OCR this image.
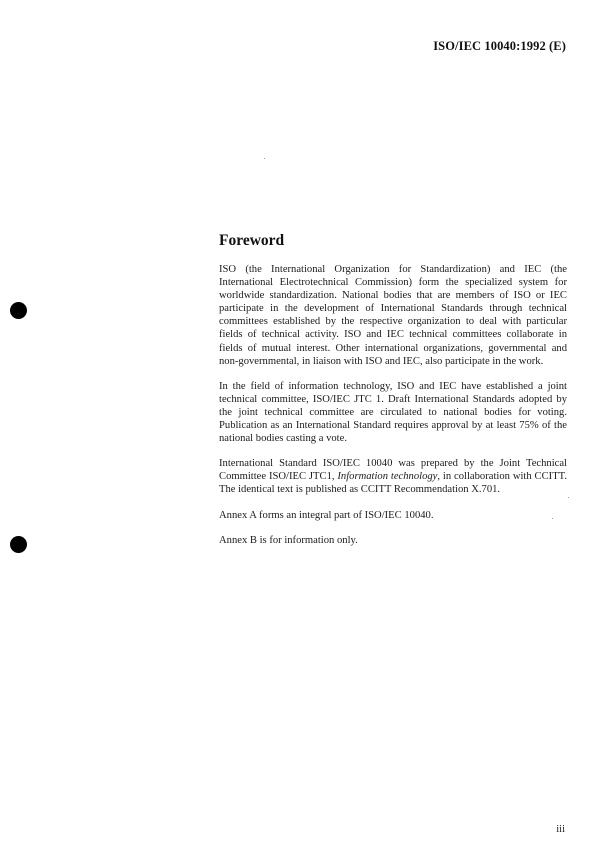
ISO/IEC 10040:1992 (E)
Foreword

ISO (the International Organization for Standardization) and IEC (the International Electrotechnical Commission) form the specialized system for worldwide standardization. National bodies that are members of ISO or IEC participate in the development of International Standards through technical committees established by the respective organization to deal with particular fields of technical activity. ISO and IEC technical committees collaborate in fields of mutual interest. Other international organizations, governmental and non-governmental, in liaison with ISO and IEC, also participate in the work.

In the field of information technology, ISO and IEC have established a joint technical committee, ISO/IEC JTC 1. Draft International Standards adopted by the joint technical committee are circulated to national bodies for voting. Publication as an International Standard requires approval by at least 75% of the national bodies casting a vote.

International Standard ISO/IEC 10040 was prepared by the Joint Technical Committee ISO/IEC JTC1, Information technology, in collaboration with CCITT. The identical text is published as CCITT Recommendation X.701.

Annex A forms an integral part of ISO/IEC 10040.

Annex B is for information only.

iii
